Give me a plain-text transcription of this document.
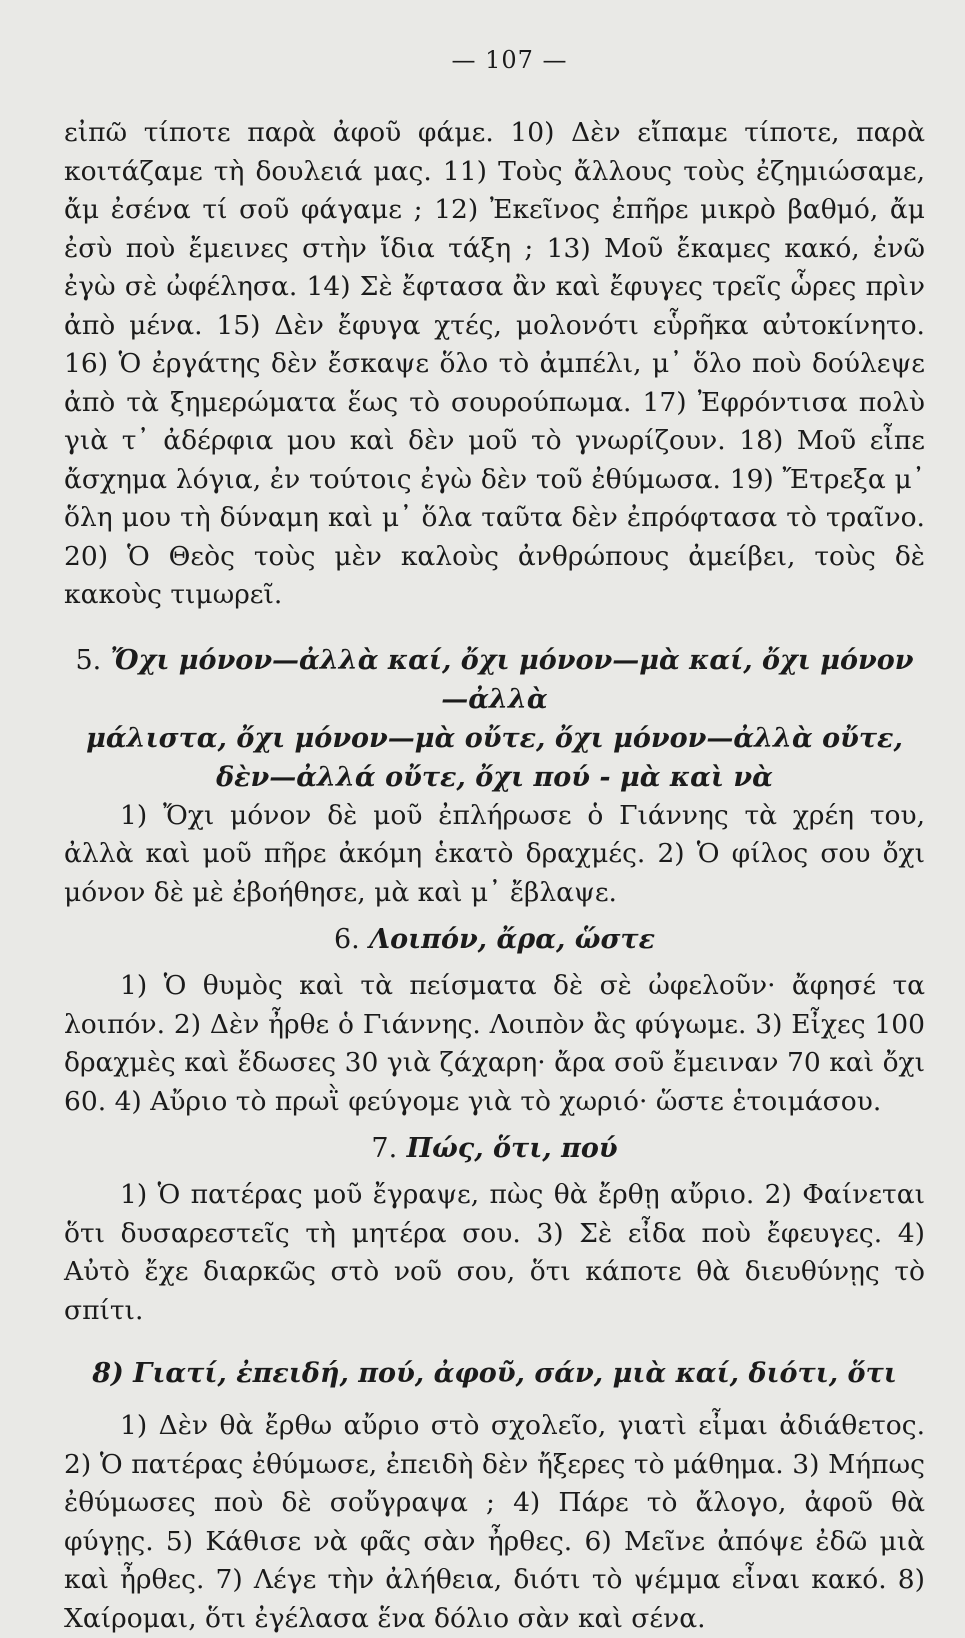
— 107 —

εἰπῶ τίποτε παρὰ ἀφοῦ φάμε. 10) Δὲν εἴπαμε τίποτε, παρὰ κοιτάζαμε τὴ δουλειά μας. 11) Τοὺς ἄλλους τοὺς ἐζημιώσαμε, ἄμ ἐσένα τί σοῦ φάγαμε ; 12) Ἐκεῖνος ἐπῆρε μικρὸ βαθμό, ἄμ ἐσὺ ποὺ ἔμεινες στὴν ἴδια τάξη ; 13) Μοῦ ἔκαμες κακό, ἐνῶ ἐγὼ σὲ ὠφέλησα. 14) Σὲ ἔφτασα ἂν καὶ ἔφυγες τρεῖς ὧρες πρὶν ἀπὸ μένα. 15) Δὲν ἔφυγα χτές, μολονότι εὗρῆκα αὐτοκίνητο. 16) Ὁ ἐργάτης δὲν ἔσκαψε ὅλο τὸ ἀμπέλι, μ᾿ ὅλο ποὺ δούλεψε ἀπὸ τὰ ξημερώματα ἕως τὸ σουρούπωμα. 17) Ἐφρόντισα πολὺ γιὰ τ᾿ ἀδέρφια μου καὶ δὲν μοῦ τὸ γνωρίζουν. 18) Μοῦ εἶπε ἄσχημα λόγια, ἐν τούτοις ἐγὼ δὲν τοῦ ἐθύμωσα. 19) Ἔτρεξα μ᾿ ὅλη μου τὴ δύναμη καὶ μ᾿ ὅλα ταῦτα δὲν ἐπρόφτασα τὸ τραῖνο. 20) Ὁ Θεὸς τοὺς μὲν καλοὺς ἀνθρώπους ἀμείβει, τοὺς δὲ κακοὺς τιμωρεῖ.

5. Ὄχι μόνον—ἀλλὰ καί, ὄχι μόνον—μὰ καί, ὄχι μόνον—ἀλλὰ
μάλιστα, ὄχι μόνον—μὰ οὔτε, ὄχι μόνον—ἀλλὰ οὔτε,
δὲν—ἀλλά οὔτε, ὄχι πού - μὰ καὶ νὰ

1) Ὄχι μόνον δὲ μοῦ ἐπλήρωσε ὁ Γιάννης τὰ χρέη του, ἀλλὰ καὶ μοῦ πῆρε ἀκόμη ἑκατὸ δραχμές. 2) Ὁ φίλος σου ὄχι μόνον δὲ μὲ ἐβοήθησε, μὰ καὶ μ᾿ ἔβλαψε.

6. Λοιπόν, ἄρα, ὥστε

1) Ὁ θυμὸς καὶ τὰ πείσματα δὲ σὲ ὠφελοῦν· ἄφησέ τα λοιπόν. 2) Δὲν ἦρθε ὁ Γιάννης. Λοιπὸν ἂς φύγωμε. 3) Εἶχες 100 δραχμὲς καὶ ἔδωσες 30 γιὰ ζάχαρη· ἄρα σοῦ ἔμειναν 70 καὶ ὄχι 60. 4) Αὔριο τὸ πρωῒ φεύγομε γιὰ τὸ χωριό· ὥστε ἑτοιμάσου.

7. Πώς, ὅτι, πού

1) Ὁ πατέρας μοῦ ἔγραψε, πὼς θὰ ἔρθῃ αὔριο. 2) Φαίνεται ὅτι δυσαρεστεῖς τὴ μητέρα σου. 3) Σὲ εἶδα ποὺ ἔφευγες. 4) Αὐτὸ ἔχε διαρκῶς στὸ νοῦ σου, ὅτι κάποτε θὰ διευθύνῃς τὸ σπίτι.

8) Γιατί, ἐπειδή, πού, ἀφοῦ, σάν, μιὰ καί, διότι, ὅτι

1) Δὲν θὰ ἔρθω αὔριο στὸ σχολεῖο, γιατὶ εἶμαι ἀδιάθετος. 2) Ὁ πατέρας ἐθύμωσε, ἐπειδὴ δὲν ἤξερες τὸ μάθημα. 3) Μήπως ἐθύμωσες ποὺ δὲ σοὔγραψα ; 4) Πάρε τὸ ἄλογο, ἀφοῦ θὰ φύγῃς. 5) Κάθισε νὰ φᾶς σὰν ἦρθες. 6) Μεῖνε ἀπόψε ἐδῶ μιὰ καὶ ἦρθες. 7) Λέγε τὴν ἀλήθεια, διότι τὸ ψέμμα εἶναι κακό. 8) Χαίρομαι, ὅτι ἐγέλασα ἕνα δόλιο σὰν καὶ σένα.
